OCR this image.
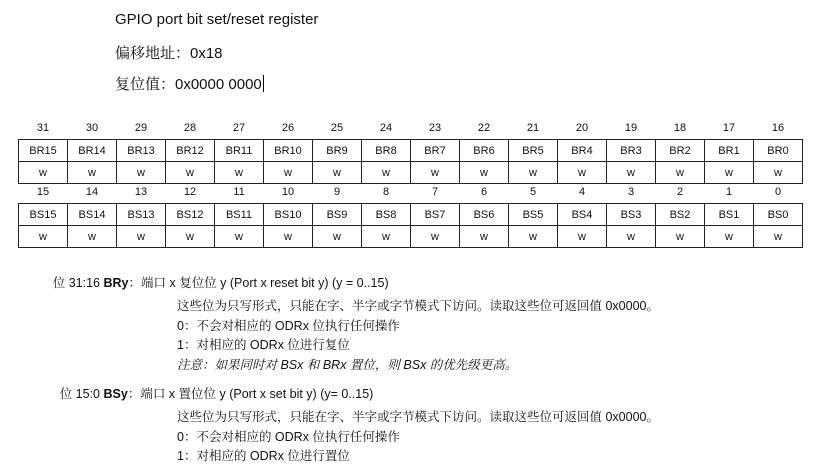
GPIO port bit set/reset register
偏移地址：0x18
复位值：0x0000 0000
31	30	29	28	27	26	25	24	23	22	21	20	19	18	17	16
BR15	BR14	BR13	BR12	BR11	BR10	BR9	BR8	BR7	BR6	BR5	BR4	BR3	BR2	BR1	BR0
w	w	w	w	w	w	w	w	w	w	w	w	w	w	w	w
15	14	13	12	11	10	9	8	7	6	5	4	3	2	1	0
BS15	BS14	BS13	BS12	BS11	BS10	BS9	BS8	BS7	BS6	BS5	BS4	BS3	BS2	BS1	BS0
w	w	w	w	w	w	w	w	w	w	w	w	w	w	w	w
位 31:16 BRy：端口 x 复位位 y (Port x reset bit y) (y = 0..15)
这些位为只写形式，只能在字、半字或字节模式下访问。读取这些位可返回值 0x0000。
0：不会对相应的 ODRx 位执行任何操作
1：对相应的 ODRx 位进行复位
注意：如果同时对 BSx 和 BRx 置位，则 BSx 的优先级更高。
位 15:0 BSy：端口 x 置位位 y (Port x set bit y) (y= 0..15)
这些位为只写形式，只能在字、半字或字节模式下访问。读取这些位可返回值 0x0000。
0：不会对相应的 ODRx 位执行任何操作
1：对相应的 ODRx 位进行置位
